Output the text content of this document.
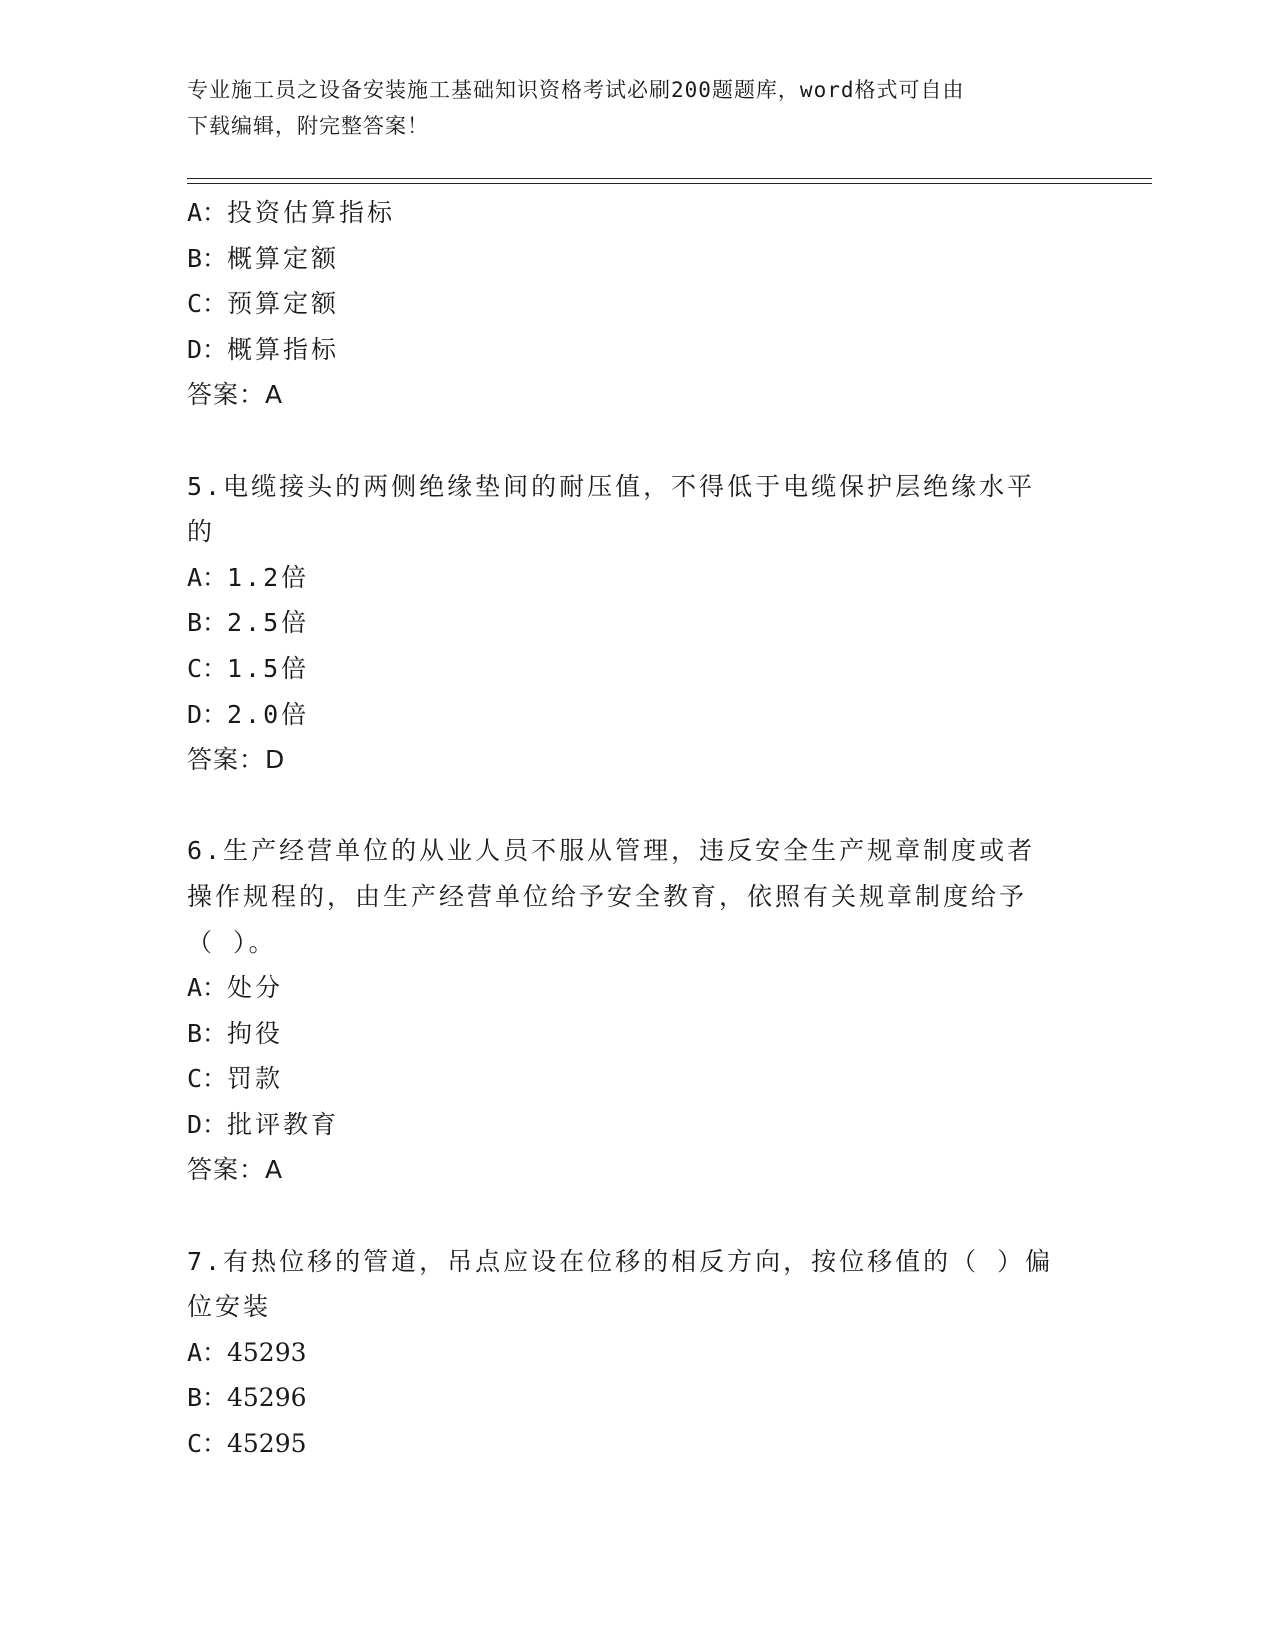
专业施工员之设备安装施工基础知识资格考试必刷200题题库，word格式可自由
下载编辑，附完整答案！
A：投资估算指标
B：概算定额
C：预算定额
D：概算指标
答案：A
5.电缆接头的两侧绝缘垫间的耐压值，不得低于电缆保护层绝缘水平
的
A：1.2倍
B：2.5倍
C：1.5倍
D：2.0倍
答案：D
6.生产经营单位的从业人员不服从管理，违反安全生产规章制度或者
操作规程的，由生产经营单位给予安全教育，依照有关规章制度给予
（ ）。
A：处分
B：拘役
C：罚款
D：批评教育
答案：A
7.有热位移的管道，吊点应设在位移的相反方向，按位移值的（ ）偏
位安装
A：45293
B：45296
C：45295
